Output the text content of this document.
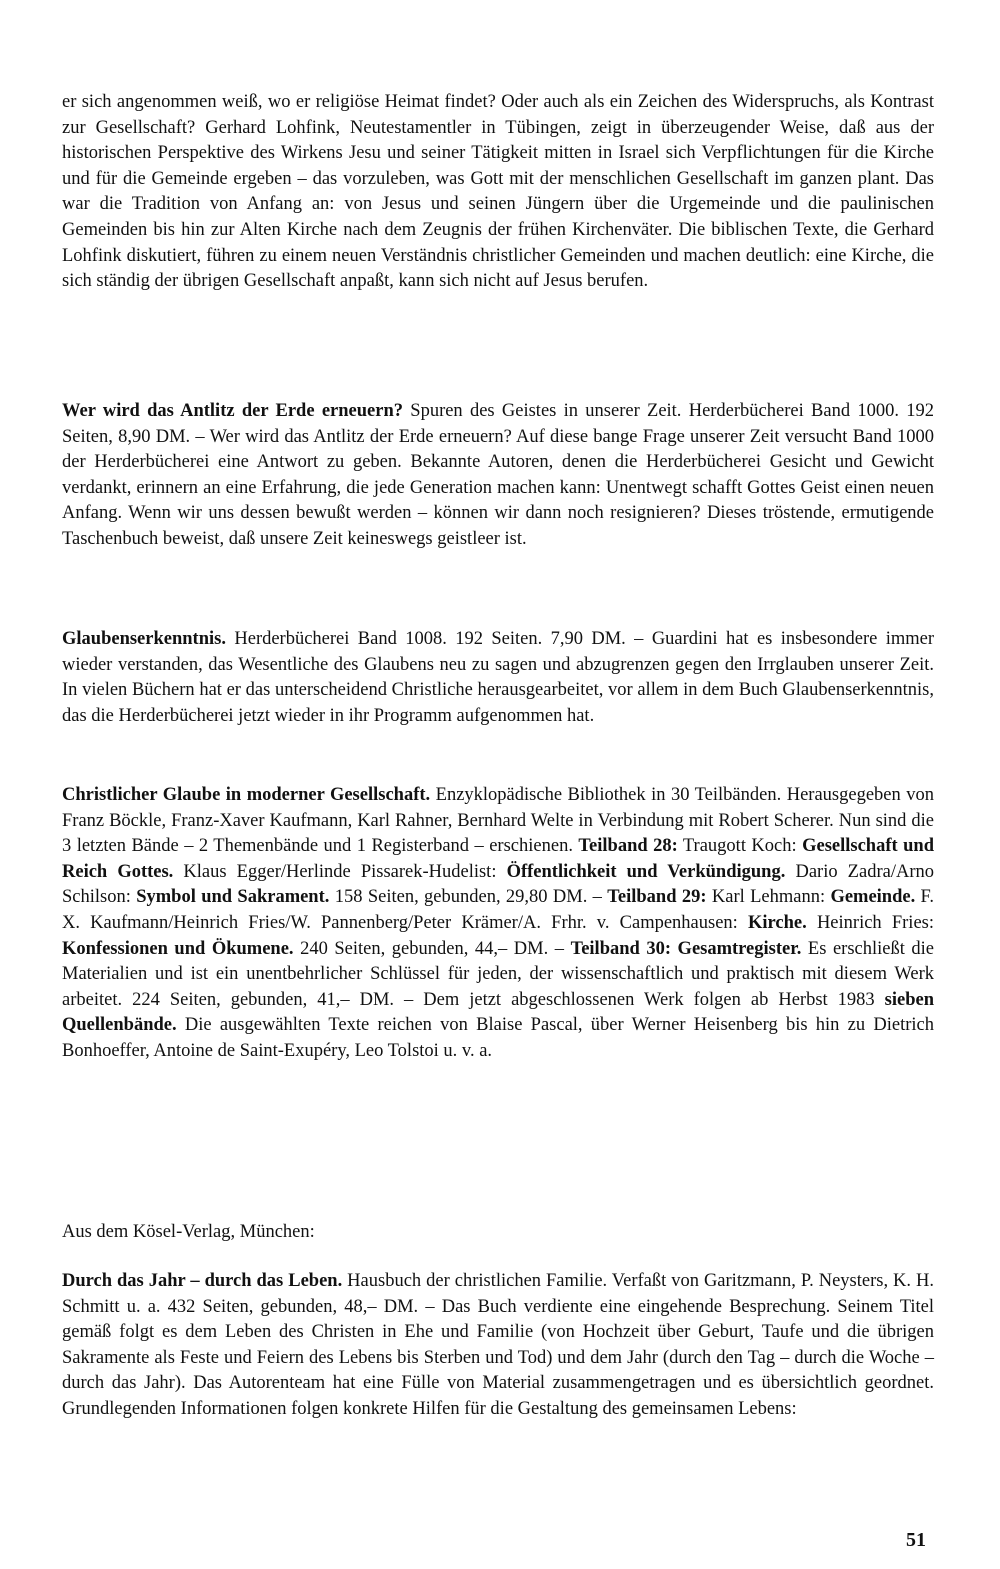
er sich angenommen weiß, wo er religiöse Heimat findet? Oder auch als ein Zeichen des Widerspruchs, als Kontrast zur Gesellschaft? Gerhard Lohfink, Neutestamentler in Tübingen, zeigt in überzeugender Weise, daß aus der historischen Perspektive des Wirkens Jesu und seiner Tätigkeit mitten in Israel sich Verpflichtungen für die Kirche und für die Gemeinde ergeben – das vorzuleben, was Gott mit der menschlichen Gesellschaft im ganzen plant. Das war die Tradition von Anfang an: von Jesus und seinen Jüngern über die Urgemeinde und die paulinischen Gemeinden bis hin zur Alten Kirche nach dem Zeugnis der frühen Kirchenväter. Die biblischen Texte, die Gerhard Lohfink diskutiert, führen zu einem neuen Verständnis christlicher Gemeinden und machen deutlich: eine Kirche, die sich ständig der übrigen Gesellschaft anpaßt, kann sich nicht auf Jesus berufen.

Wer wird das Antlitz der Erde erneuern? Spuren des Geistes in unserer Zeit. Herderbücherei Band 1000. 192 Seiten, 8,90 DM. – Wer wird das Antlitz der Erde erneuern? Auf diese bange Frage unserer Zeit versucht Band 1000 der Herderbücherei eine Antwort zu geben. Bekannte Autoren, denen die Herderbücherei Gesicht und Gewicht verdankt, erinnern an eine Erfahrung, die jede Generation machen kann: Unentwegt schafft Gottes Geist einen neuen Anfang. Wenn wir uns dessen bewußt werden – können wir dann noch resignieren? Dieses tröstende, ermutigende Taschenbuch beweist, daß unsere Zeit keineswegs geistleer ist.

Glaubenserkenntnis. Herderbücherei Band 1008. 192 Seiten. 7,90 DM. – Guardini hat es insbesondere immer wieder verstanden, das Wesentliche des Glaubens neu zu sagen und abzugrenzen gegen den Irrglauben unserer Zeit. In vielen Büchern hat er das unterscheidend Christliche herausgearbeitet, vor allem in dem Buch Glaubenserkenntnis, das die Herderbücherei jetzt wieder in ihr Programm aufgenommen hat.

Christlicher Glaube in moderner Gesellschaft. Enzyklopädische Bibliothek in 30 Teilbänden. Herausgegeben von Franz Böckle, Franz-Xaver Kaufmann, Karl Rahner, Bernhard Welte in Verbindung mit Robert Scherer. Nun sind die 3 letzten Bände – 2 Themenbände und 1 Registerband – erschienen. Teilband 28: Traugott Koch: Gesellschaft und Reich Gottes. Klaus Egger/Herlinde Pissarek-Hudelist: Öffentlichkeit und Verkündigung. Dario Zadra/Arno Schilson: Symbol und Sakrament. 158 Seiten, gebunden, 29,80 DM. – Teilband 29: Karl Lehmann: Gemeinde. F. X. Kaufmann/Heinrich Fries/W. Pannenberg/Peter Krämer/A. Frhr. v. Campenhausen: Kirche. Heinrich Fries: Konfessionen und Ökumene. 240 Seiten, gebunden, 44,– DM. – Teilband 30: Gesamtregister. Es erschließt die Materialien und ist ein unentbehrlicher Schlüssel für jeden, der wissenschaftlich und praktisch mit diesem Werk arbeitet. 224 Seiten, gebunden, 41,– DM. – Dem jetzt abgeschlossenen Werk folgen ab Herbst 1983 sieben Quellenbände. Die ausgewählten Texte reichen von Blaise Pascal, über Werner Heisenberg bis hin zu Dietrich Bonhoeffer, Antoine de Saint-Exupéry, Leo Tolstoi u. v. a.

Aus dem Kösel-Verlag, München:

Durch das Jahr – durch das Leben. Hausbuch der christlichen Familie. Verfaßt von Garitzmann, P. Neysters, K. H. Schmitt u. a. 432 Seiten, gebunden, 48,– DM. – Das Buch verdiente eine eingehende Besprechung. Seinem Titel gemäß folgt es dem Leben des Christen in Ehe und Familie (von Hochzeit über Geburt, Taufe und die übrigen Sakramente als Feste und Feiern des Lebens bis Sterben und Tod) und dem Jahr (durch den Tag – durch die Woche – durch das Jahr). Das Autorenteam hat eine Fülle von Material zusammengetragen und es übersichtlich geordnet. Grundlegenden Informationen folgen konkrete Hilfen für die Gestaltung des gemeinsamen Lebens:

51
